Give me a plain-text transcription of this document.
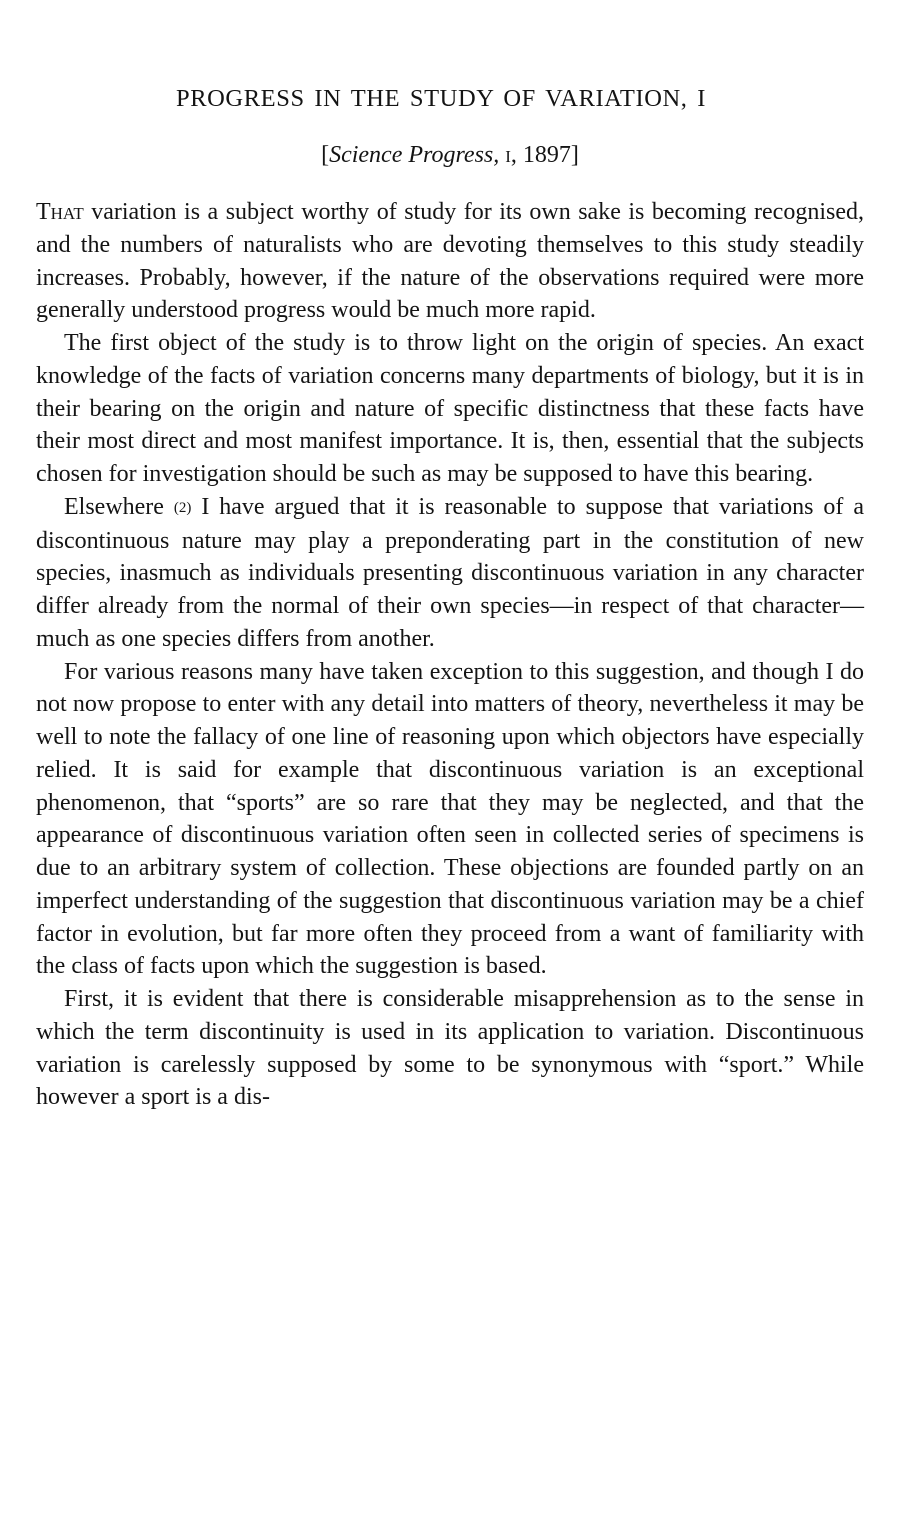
PROGRESS IN THE STUDY OF VARIATION, I
[Science Progress, i, 1897]

That variation is a subject worthy of study for its own sake is becoming recognised, and the numbers of naturalists who are devoting themselves to this study steadily increases. Probably, however, if the nature of the observations required were more generally understood progress would be much more rapid.

The first object of the study is to throw light on the origin of species. An exact knowledge of the facts of variation concerns many departments of biology, but it is in their bearing on the origin and nature of specific distinctness that these facts have their most direct and most manifest importance. It is, then, essential that the subjects chosen for investigation should be such as may be supposed to have this bearing.

Elsewhere (2) I have argued that it is reasonable to suppose that variations of a discontinuous nature may play a preponderating part in the constitution of new species, inasmuch as individuals presenting discontinuous variation in any character differ already from the normal of their own species—in respect of that character—much as one species differs from another.

For various reasons many have taken exception to this suggestion, and though I do not now propose to enter with any detail into matters of theory, nevertheless it may be well to note the fallacy of one line of reasoning upon which objectors have especially relied. It is said for example that discontinuous variation is an exceptional phenomenon, that “sports” are so rare that they may be neglected, and that the appearance of discontinuous variation often seen in collected series of specimens is due to an arbitrary system of collection. These objections are founded partly on an imperfect understanding of the suggestion that discontinuous variation may be a chief factor in evolution, but far more often they proceed from a want of familiarity with the class of facts upon which the suggestion is based.

First, it is evident that there is considerable misapprehension as to the sense in which the term discontinuity is used in its application to variation. Discontinuous variation is carelessly supposed by some to be synonymous with “sport.” While however a sport is a dis-
